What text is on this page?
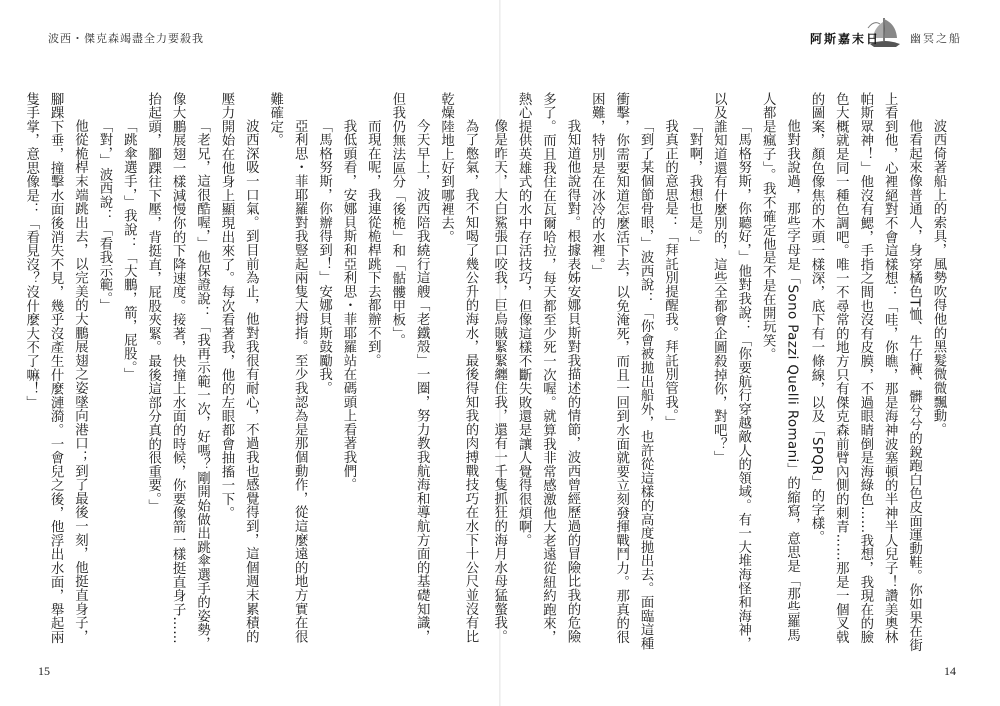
波西・傑克森竭盡全力要殺我	阿斯嘉末日	幽冥之船

波西倚著船上的索具，風勢吹得他的黑髮微微飄動。

他看起來像普通人，身穿橘色T恤、牛仔褲、髒兮兮的銳跑白色皮面運動鞋。你如果在街上看到他，心裡絕對不會這樣想：「哇，你瞧，那是海神波塞頓的半神半人兒子！讚美奧林帕斯眾神！」他沒有鰓，手指之間也沒有皮膜，不過眼睛倒是海綠色……我想，我現在的臉色大概就是同一種色調吧。唯一不尋常的地方只有傑克森前臂內側的刺青……那是一個叉戟的圖案，顏色像焦的木頭一樣深，底下有一條線，以及「SPQR」的字樣。

他對我說過，那些字母是「Sono Pazzi Quelli Romani」的縮寫，意思是「那些羅馬人都是瘋子」。我不確定他是不是在開玩笑。

「馬格努斯，你聽好，」他對我說：「你要航行穿越敵人的領域。有一大堆海怪和海神，以及誰知道還有什麼別的，這些全都會企圖殺掉你，對吧？」

「對啊，我想也是。」

我真正的意思是：「拜託別提醒我。拜託別管我。」

「到了某個節骨眼，」波西說：「你會被拋出船外，也許從這樣的高度拋出去。面臨這種衝擊，你需要知道怎麼活下去，以免淹死，而且一回到水面就要立刻發揮戰鬥力。那真的很困難，特別是在冰冷的水裡。」

我知道他說得對。根據表姊安娜貝斯對我描述的情節，波西曾經歷過的冒險比我的危險多了。而且我住在瓦爾哈拉，每天都至少死一次喔。就算我非常感激他大老遠從紐約跑來，熱心提供英雄式的水中存活技巧，但像這樣不斷失敗還是讓人覺得很煩啊。

像是昨天，大白鯊張口咬我，巨烏賊緊緊纏住我，還有一千隻抓狂的海月水母猛螫我。

為了憋氣，我不知喝了幾公升的海水，最後得知我的肉搏戰技巧在水下十公尺並沒有比乾燥陸地上好到哪裡去。

今天早上，波西陪我繞行這艘「老鐵殼」一圈，努力教我航海和導航方面的基礎知識，但我仍無法區分「後桅」和「骷髏甲板」。

而現在呢，我連從桅桿跳下去都辦不到。

我低頭看，安娜貝斯和亞利思・菲耶羅站在碼頭上看著我們。

「馬格努斯，你辦得到！」安娜貝斯鼓勵我。

亞利思・菲耶羅對我豎起兩隻大拇指。至少我認為是那個動作，從這麼遠的地方實在很難確定。

波西深吸一口氣。到目前為止，他對我很有耐心，不過我也感覺得到，這個週末累積的壓力開始在他身上顯現出來了。每次看著我，他的左眼都會抽搐一下。

「老兄，這很酷喔，」他保證說：「我再示範一次，好嗎？剛開始做出跳傘選手的姿勢，像大鵬展翅一樣減慢你的下降速度。接著，快撞上水面的時候，你要像箭一樣挺直身子……抬起頭，腳踝往下壓，背挺直，屁股夾緊。最後這部分真的很重要。」

「跳傘選手，」我說：「大鵬，箭，屁股。」

「對，」波西說：「看我示範。」

他從桅桿末端跳出去，以完美的大鵬展翅之姿墜向港口；到了最後一刻，他挺直身子，腳踝下垂，撞擊水面後消失不見，幾乎沒產生什麼漣漪。一會兒之後，他浮出水面，舉起兩隻手掌，意思像是：「看見沒？沒什麼大不了嘛！」

15	14
